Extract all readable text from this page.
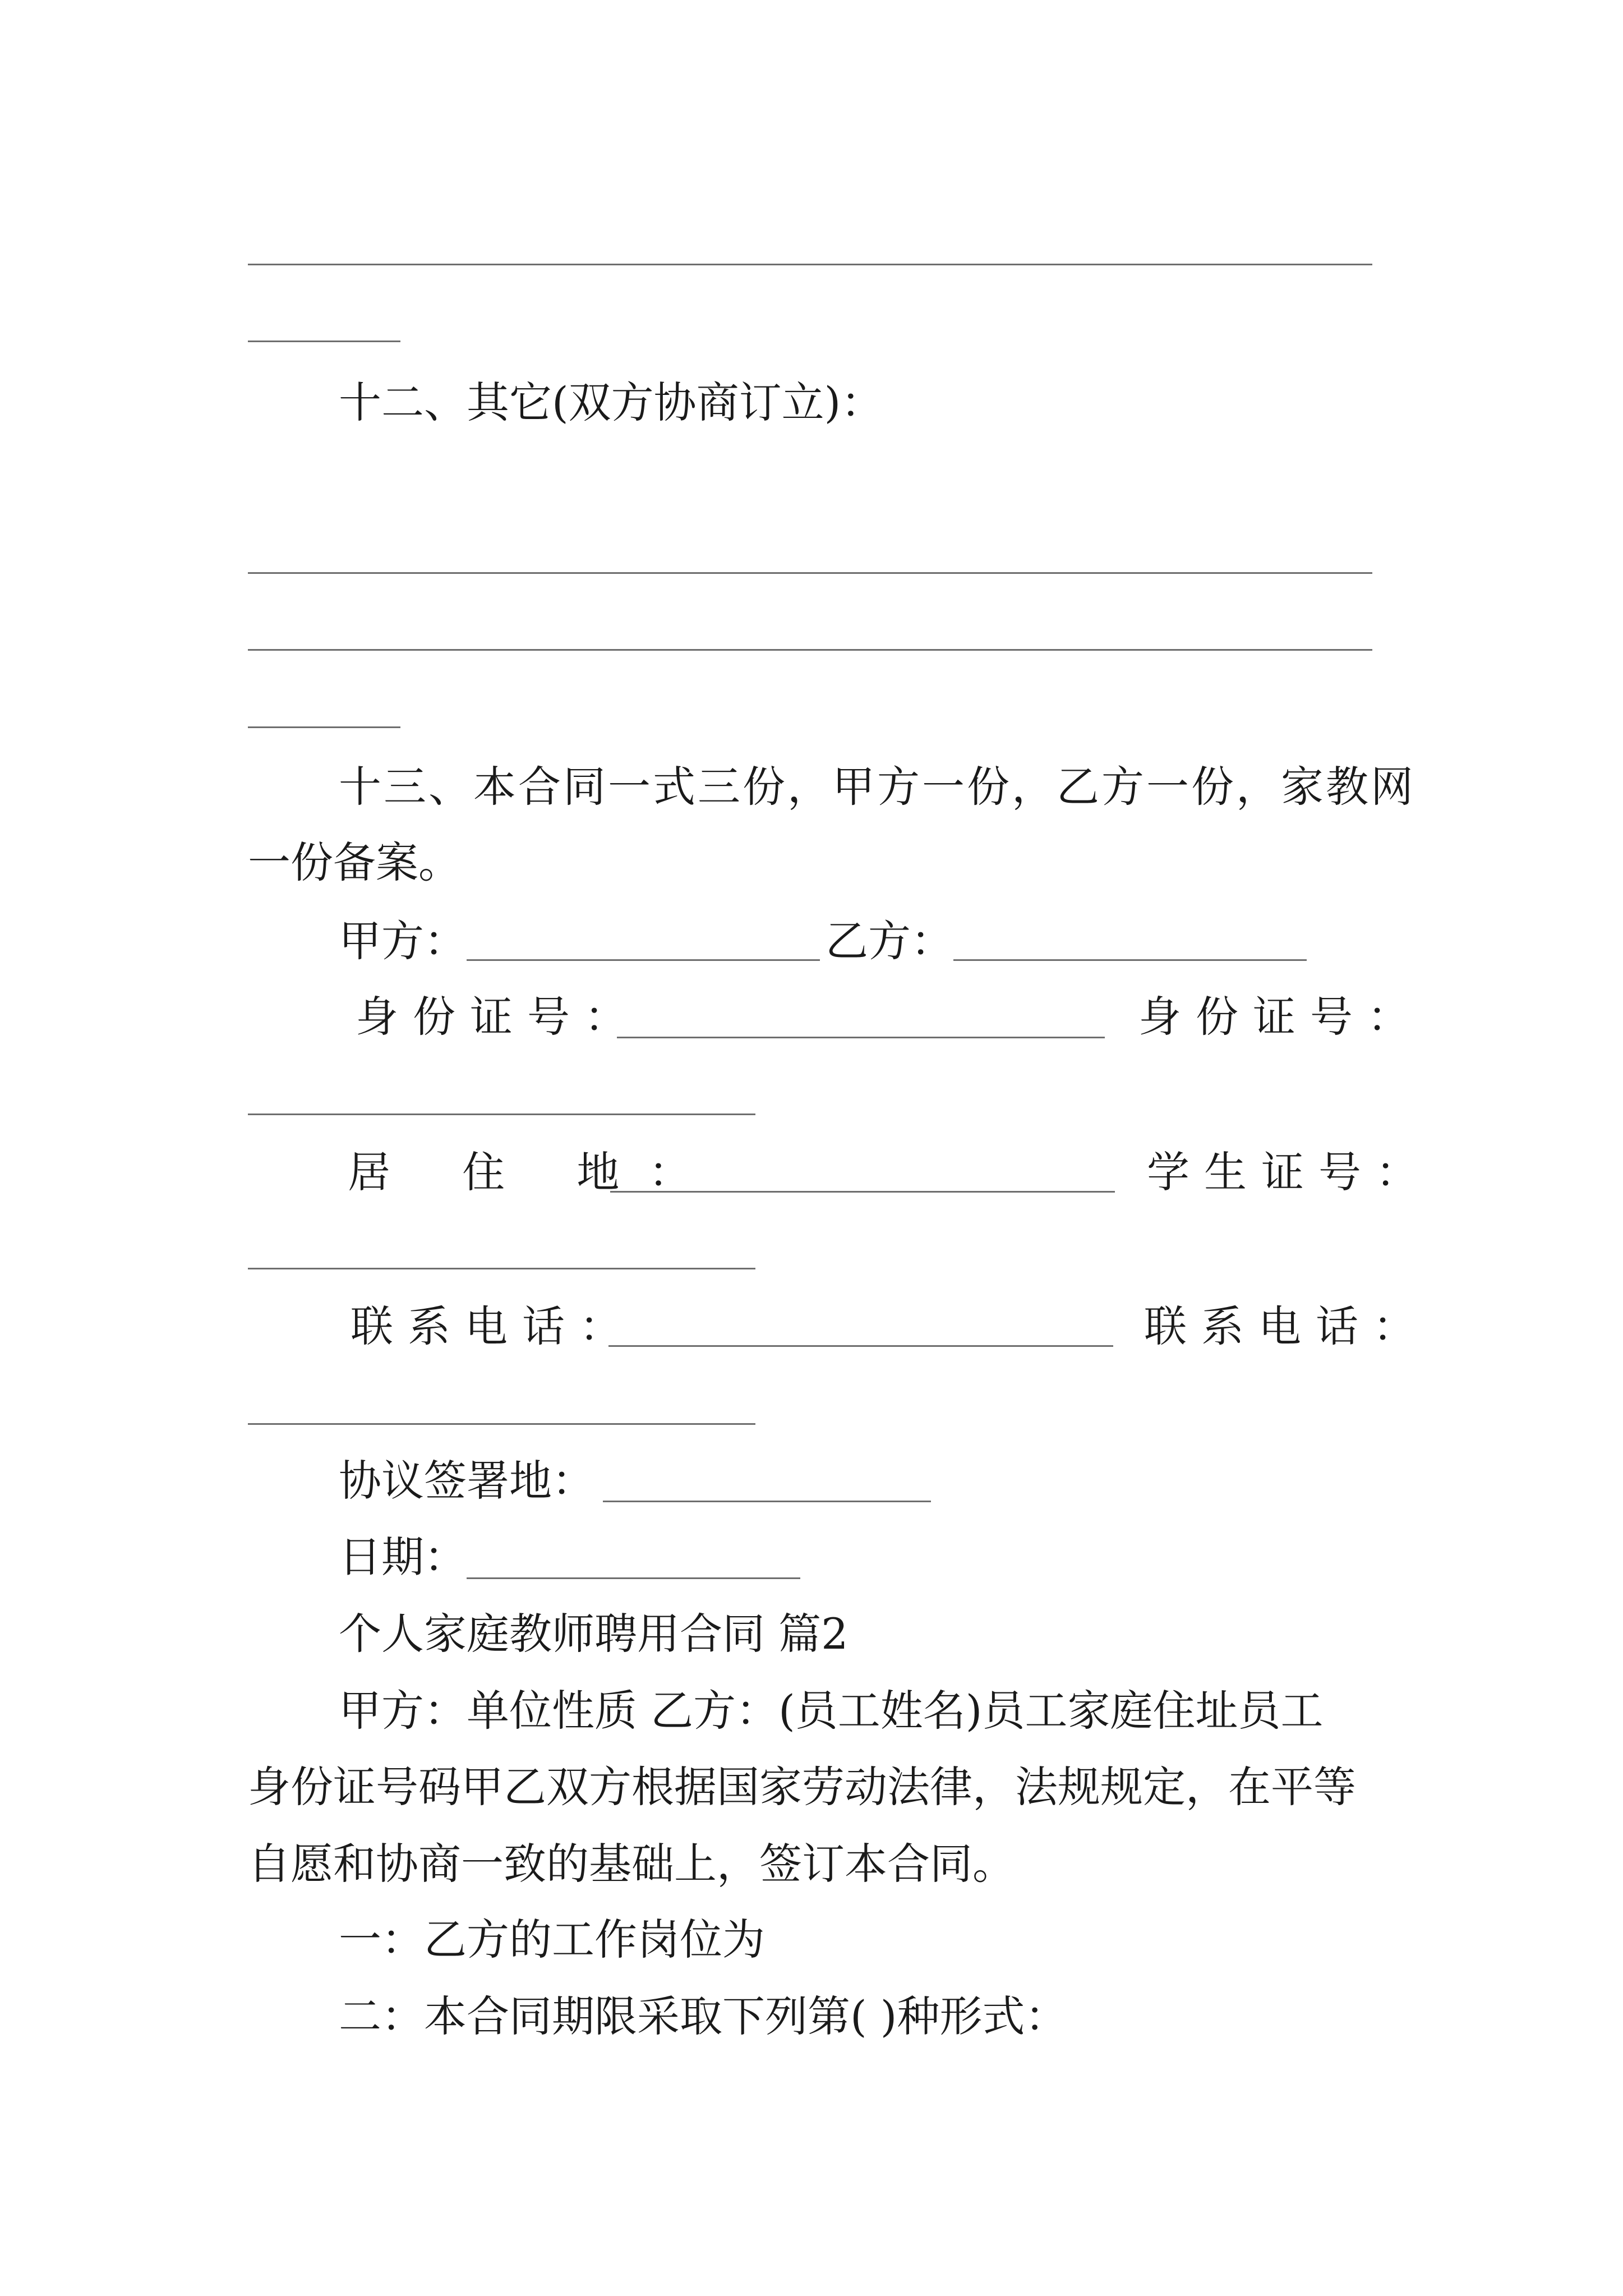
十二、其它(双方协商订立)：
十三、本合同一式三份，甲方一份，乙方一份，家教网
一份备案。
甲方：	乙方：
身份证号：	身份证号：
居 住 地：	学生证号：
联系电话：	联系电话：
协议签署地：
日期：
个人家庭教师聘用合同 篇2
甲方：单位性质 乙方：(员工姓名)员工家庭住址员工
身份证号码甲乙双方根据国家劳动法律，法规规定，在平等
自愿和协商一致的基础上，签订本合同。
一：乙方的工作岗位为
二：本合同期限采取下列第( )种形式：
